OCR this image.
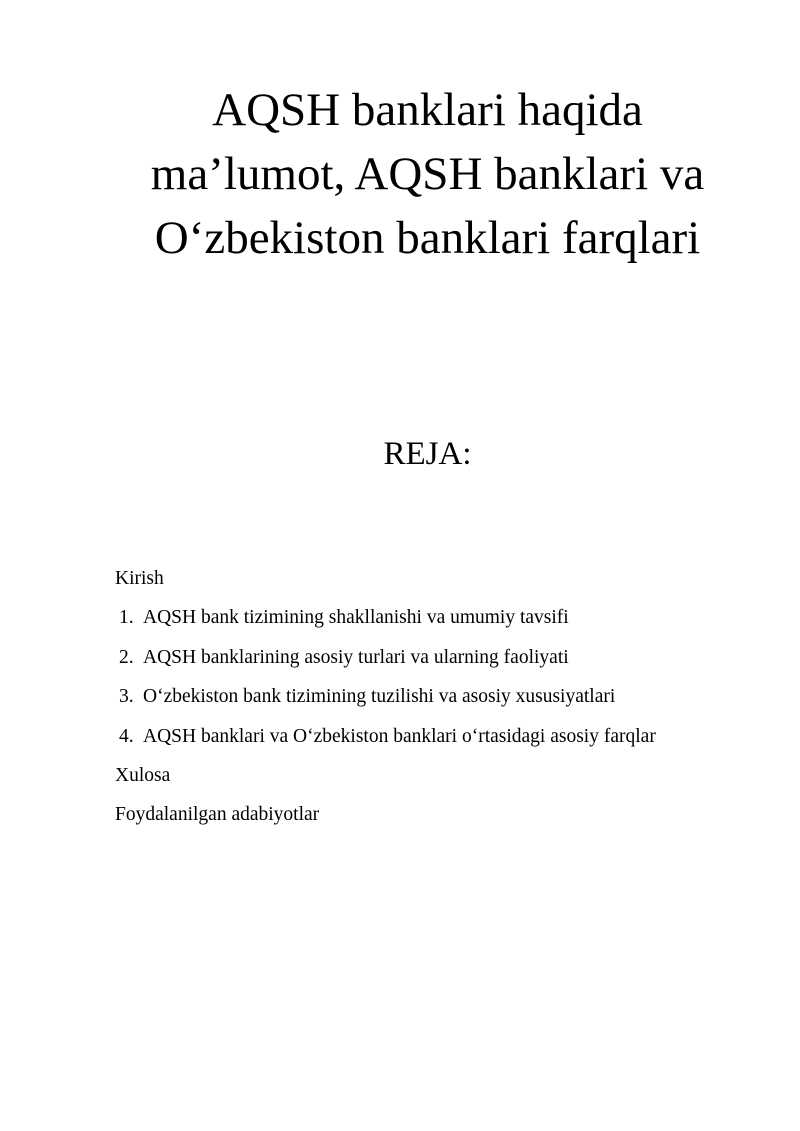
AQSH banklari haqida
ma’lumot, AQSH banklari va
O‘zbekiston banklari farqlari
REJA:
Kirish
1. AQSH bank tizimining shakllanishi va umumiy tavsifi
2. AQSH banklarining asosiy turlari va ularning faoliyati
3. O‘zbekiston bank tizimining tuzilishi va asosiy xususiyatlari
4. AQSH banklari va O‘zbekiston banklari o‘rtasidagi asosiy farqlar
Xulosa
Foydalanilgan adabiyotlar
